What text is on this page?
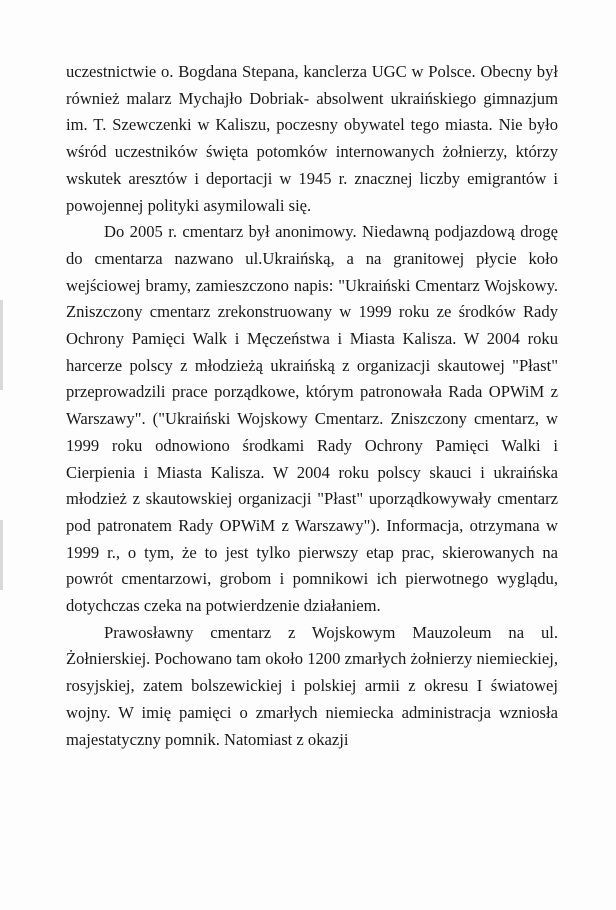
uczestnictwie o. Bogdana Stepana, kanclerza UGC w Polsce. Obecny był również malarz Mychajło Dobriak- absolwent ukraińskiego gimnazjum im. T. Szewczenki w Kaliszu, poczesny obywatel tego miasta. Nie było wśród uczestników święta potomków internowanych żołnierzy, którzy wskutek aresztów i deportacji w 1945 r. znacznej liczby emigrantów i powojennej polityki asymilowali się.

Do 2005 r. cmentarz był anonimowy. Niedawną podjazdową drogę do cmentarza nazwano ul.Ukraińską, a na granitowej płycie koło wejściowej bramy, zamieszczono napis: "Ukraiński Cmentarz Wojskowy. Zniszczony cmentarz zrekonstruowany w 1999 roku ze środków Rady Ochrony Pamięci Walk i Męczeństwa i Miasta Kalisza. W 2004 roku harcerze polscy z młodzieżą ukraińską z organizacji skautowej "Płast" przeprowadzili prace porządkowe, którym patronowała Rada OPWiM z Warszawy". ("Ukraiński Wojskowy Cmentarz. Zniszczony cmentarz, w 1999 roku odnowiono środkami Rady Ochrony Pamięci Walki i Cierpienia i Miasta Kalisza. W 2004 roku polscy skauci i ukraińska młodzież z skautowskiej organizacji "Płast" uporządkowywały cmentarz pod patronatem Rady OPWiM z Warszawy"). Informacja, otrzymana w 1999 r., o tym, że to jest tylko pierwszy etap prac, skierowanych na powrót cmentarzowi, grobom i pomnikowi ich pierwotnego wyglądu, dotychczas czeka na potwierdzenie działaniem.

Prawosławny cmentarz z Wojskowym Mauzoleum na ul. Żołnierskiej. Pochowano tam około 1200 zmarłych żołnierzy niemieckiej, rosyjskiej, zatem bolszewickiej i polskiej armii z okresu I światowej wojny. W imię pamięci o zmarłych niemiecka administracja wzniosła majestatyczny pomnik. Natomiast z okazji
